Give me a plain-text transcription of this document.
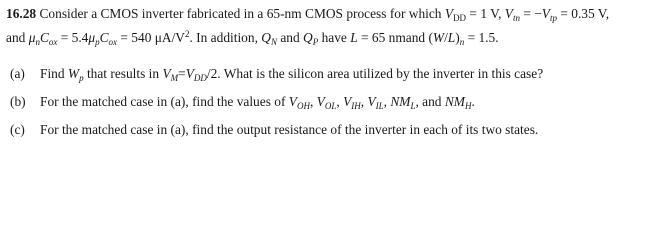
16.28 Consider a CMOS inverter fabricated in a 65-nm CMOS process for which $V_{DD} = 1$ V, $V_{tn} = -V_{tp} = 0.35$ V,
and $\mu_nC_{ox} = 5.4\mu_pC_{ox} = 540$ $\mu A/V^2$. In addition, $Q_N$ and $Q_P$ have L = 65 nmand $(W/L)_n = 1.5$.
(a) Find $W_p$ that results in $V_M=V_{DD}/2$. What is the silicon area utilized by the inverter in this case?
(b) For the matched case in (a), find the values of $V_{OH}$, $V_{OL}$, $V_{IH}$, $V_{IL}$, $NM_L$, and $NM_H$.
(c) For the matched case in (a), find the output resistance of the inverter in each of its two states.
